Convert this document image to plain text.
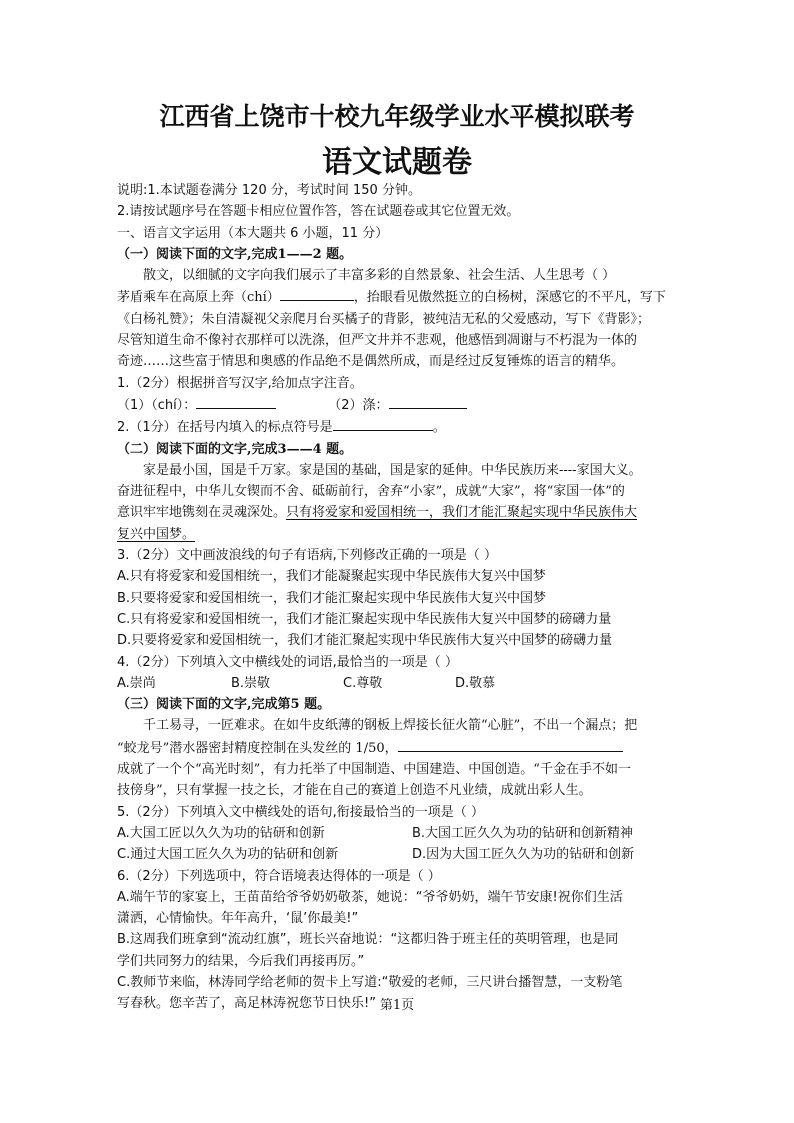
江西省上饶市十校九年级学业水平模拟联考
语文试题卷

说明:1.本试题卷满分 120 分，考试时间 150 分钟。

2.请按试题序号在答题卡相应位置作答，答在试题卷或其它位置无效。

一、语言文字运用（本大题共 6 小题，11 分）

（一）阅读下面的文字,完成1——2 题。

散文，以细腻的文字向我们展示了丰富多彩的自然景象、社会生活、人生思考（ ）

茅盾乘车在高原上奔（chí）	，抬眼看见傲然挺立的白杨树，深感它的不平凡，写下

《白杨礼赞》；朱自清凝视父亲爬月台买橘子的背影，被纯洁无私的父爱感动，写下《背影》；

尽管知道生命不像衬衣那样可以洗涤，但严文井并不悲观，他感悟到凋谢与不朽混为一体的

奇迹……这些富于情思和奥感的作品绝不是偶然所成，而是经过反复锤炼的语言的精华。

1.（2分）根据拼音写汉字,给加点字注音。

（1）（chí）：	（2）涤：

2.（1分）在括号内填入的标点符号是	。

（二）阅读下面的文字,完成3——4 题。

家是最小国，国是千万家。家是国的基础，国是家的延伸。中华民族历来----家国大义。

奋进征程中，中华儿女锲而不舍、砥砺前行，舍弃“小家”，成就“大家”，将“家国一体”的

意识牢牢地镌刻在灵魂深处。只有将爱家和爱国相统一，我们才能汇聚起实现中华民族伟大

复兴中国梦。

3.（2分）文中画波浪线的句子有语病,下列修改正确的一项是（ ）

A.只有将爱家和爱国相统一，我们才能凝聚起实现中华民族伟大复兴中国梦

B.只要将爱家和爱国相统一，我们才能汇聚起实现中华民族伟大复兴中国梦

C.只有将爱家和爱国相统一，我们才能汇聚起实现中华民族伟大复兴中国梦的磅礴力量

D.只要将爱家和爱国相统一，我们才能汇聚起实现中华民族伟大复兴中国梦的磅礴力量

4.（2分）下列填入文中横线处的词语,最恰当的一项是（ ）

A.崇尚	B.崇敬	C.尊敬	D.敬慕

（三）阅读下面的文字,完成第5 题。

千工易寻，一匠难求。在如牛皮纸薄的钢板上焊接长征火箭“心脏”，不出一个漏点；把

“蛟龙号”潜水器密封精度控制在头发丝的 1/50，

成就了一个个“高光时刻”，有力托举了中国制造、中国建造、中国创造。“千金在手不如一

技傍身”，只有掌握一技之长，才能在自己的赛道上创造不凡业绩，成就出彩人生。

5.（2分）下列填入文中横线处的语句,衔接最恰当的一项是（ ）

A.大国工匠以久久为功的钻研和创新	B.大国工匠久久为功的钻研和创新精神

C.通过大国工匠久久为功的钻研和创新	D.因为大国工匠久久为功的钻研和创新

6.（2分）下列选项中，符合语境表达得体的一项是（ ）

A.端午节的家宴上，王苗苗给爷爷奶奶敬茶，她说：“爷爷奶奶，端午节安康!祝你们生活

潇洒，心情愉快。年年高升，‘鼠’你最美!”

B.这周我们班拿到“流动红旗”，班长兴奋地说：“这都归咎于班主任的英明管理，也是同

学们共同努力的结果，今后我们再接再厉。”

C.教师节来临，林涛同学给老师的贺卡上写道:“敬爱的老师，三尺讲台播智慧，一支粉笔

写春秋。您辛苦了，高足林涛祝您节日快乐!” 第1页
